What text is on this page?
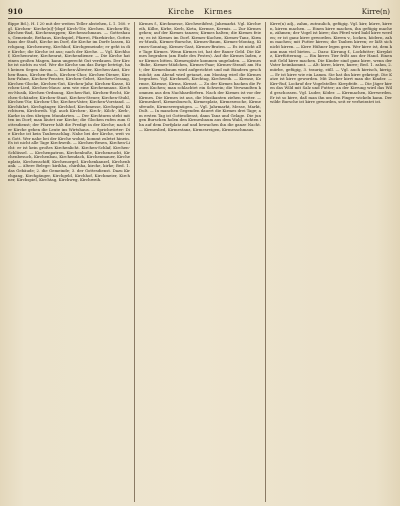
910	Kirche Kirmes	Kirre(n)

flippe Bd.), H. I 20 mit der weiten Teller abstehen, L 1. 160. vgl. Kirchen- Kirche(n)[-]dopf Kirch-Tör, Kirchen. Kirchen-Ek; Kirchen-Bad, Kirchensuppen; Kirchenschmaus. — Gotteshaus, Gemeinde, Bethaus, Kirchspiel, Pfarrei, Pfarrkirche, Gotteshaus der Stadt, Kirche im Dorf, die Kirche im Dorfe lassen, Kirchgang, Kirchenweg, Kirchhof, Kirchgemeinde; er geht in die Kirche; die Kirche ist aus; nach der Kirche. — Vgl. Kirchhof, Kirchenvater, Kirchenrat, Kirchendiener. — Die Kirche hat einen großen Magen, kann ungerecht Gut verdauen. Der Kirche ist nichts zu viel. Wer die Kirche um das Ihrige betrügt, hat keinen Segen davon. — Kirchen-Ältester, Kirchen-Amt, Kirchen-Bann, Kirchen-Buch, Kirchen-Chor, Kirchen-Diener, Kirchen-Fahne, Kirchen-Fenster, Kirchen-Gebet, Kirchen-Gesang, Kirchen-Glocke, Kirchen-Gut, Kirchen-Jahr, Kirchen-Kasse, Kirchen-Lied, Kirchen-Maus: arm wie eine Kirchenmaus. Kirchen-Musik, Kirchen-Ordnung, Kirchen-Rat, Kirchen-Recht, Kirchen-Schänder, Kirchen-Staat, Kirchen-Steuer, Kirchen-Stuhl, Kirchen-Tür, Kirchen-Uhr, Kirchen-Vater, Kirchen-Vorstand. — Kirchfahrt, Kirchgänger, Kirchhof, Kirchmesse, Kirchspiel, Kirchturm, Kirchweih. Vgl. auch Kirchen-, Kirch-, Kilch-, Kerk-, Karke in den übrigen Mundarten. — Der Kirchturm steht mitten im Dorf; man läutet zur Kirche; die Glocken rufen zum Gottesdienst; der Pfarrer hält die Predigt in der Kirche; nach der Kirche gehen die Leute ins Wirtshaus. — Sprichwörter: Die Kirche ist kein Taubenschlag. Nahe bei der Kirche, weit von Gott. Wer nahe bei der Kirche wohnt, kommt zuletzt hinein. Es ist nicht alle Tage Kirchweih. — Kirchen-Besen, Kirchen-Licht: er ist kein großes Kirchenlicht. Kirchen-Schlaf, Kirchen-Schlüssel. — Kirchenpatron, Kirchenbuße, Kirchenzucht, Kirchenbesuch, Kirchenbau, Kirchendach, Kirchenmauer, Kirchenplatz, Kirchenschiff, Kirchenorgel, Kirchenkanzel, Kirchenbank. — ältere Belege: kirihha, chirihha, kirche, kirke; Bed. 1. das Gebäude; 2. die Gemeinde; 3. der Gottesdienst. Dazu Kirchgang, Kirchgänger, Kirchgeld, Kirchhof, Kirchmeier, Kirchner, Kirchspiel, Kirchtag, Kirchweg, Kirchweih.

Kirmes f., Kirchmesse, Kirchweihfest, Jahrmarkt. Vgl. Kirchweih, Kilbe, Kirbe, Kerb, Kirta, Kermse, Kermis. — Zur Kirmes gehen; auf der Kirmes tanzen; Kirmes halten; die Kirmes feiern; es ist Kirmes im Dorf. Kirmes-Kuchen, Kirmes-Tanz, Kirmes-Musik, Kirmes-Bursche, Kirmes-Baum, Kirmes-Montag, Kirmes-Sonntag, Kirmes-Gast, Kirmes-Braten. — Es ist nicht alle Tage Kirmes. Wenn Kirmes ist, hat der Bauer Geld. Die Kirmes begraben (am Ende des Festes). Auf die Kirmes laden, zur Kirmes bitten. Kirmesgäste kommen ungeladen. — Kirmes-Bube, Kirmes-Mädchen, Kirmes-Paar; Kirmes-Strauß am Hut; der Kirmesbaum wird aufgerichtet und mit Bändern geschmückt; am Abend wird getanzt, am Montag wird die Kirmes begraben. Vgl. Kirchmeß, Kirchtag, Kirchweih. — Kirmse, Kermse, Kärmse, Kirms, Kirmst. — Zu der Kirmes backen die Frauen Kuchen; man schlachtet ein Schwein; die Verwandten kommen aus den Nachbardörfern. Nach der Kirmes ist vor der Kirmes. Die Kirmes ist aus, die Musikanten ziehen weiter. — Kirmeskerl, Kirmesbursch, Kirmesplatz, Kirmeswoche, Kirmesfreude, Kirmesvergnügen. — Vgl. Jahrmarkt, Messe, Markt, Dult. — In manchen Gegenden dauert die Kirmes drei Tage; am ersten Tag ist Gottesdienst, dann Tanz und Gelage. Die jungen Burschen holen den Kirmesbaum aus dem Wald, richten ihn auf dem Dorfplatz auf und bewachen ihn die ganze Nacht. — Kirmeslied, Kirmestanz, Kirmesreigen, Kirmesschmaus.

Kirre(n) adj., zahm, zutraulich, gefügig. Vgl. kirr, kürre, kirren, kirren machen. — Einen kirre machen, ihn gefügig machen, zähmen; der Vogel ist kirre; das Pferd wird bald kirre werden; er ist ganz kirre geworden. Kirren v., locken, ködern, zahm machen; mit Futter kirren; die Tauben kirren; er läßt sich nicht kirren. — Kirre Hühner legen gern. Wer kirre ist, dem kann man viel bieten. — Dazu: Kirrung f., Lockfutter; Kirrplatz, Kirrfütterung. — Ein kirres Tier frißt aus der Hand. Einen mit Geld kirre machen. Die Kinder sind ganz kirre, wenn der Vater heimkommt. — Alt: kirre, kürre, kurre; Bed. 1. zahm, 2. mürbe, gefügig, 3. traurig, still. — Vgl. auch kirrisch, kirrig. — Er ist kirre wie ein Lamm. Sie hat ihn kirre gekriegt. Die Katze ist kirre geworden. Mit Zucker kirrt man die Kinder. — Kirr-Ruf, Lockruf der Vogelsteller. Kirrpfeife. — Die Jäger kirren das Wild mit Salz und Futter; an der Kirrung wird das Wild geschossen. Vgl. Luder, Köder. — Kirrmachen, Kirrwerden. Er ist so kirre, daß man ihn um den Finger wickeln kann. Der wilde Bursche ist kirre geworden, seit er verheiratet ist.
